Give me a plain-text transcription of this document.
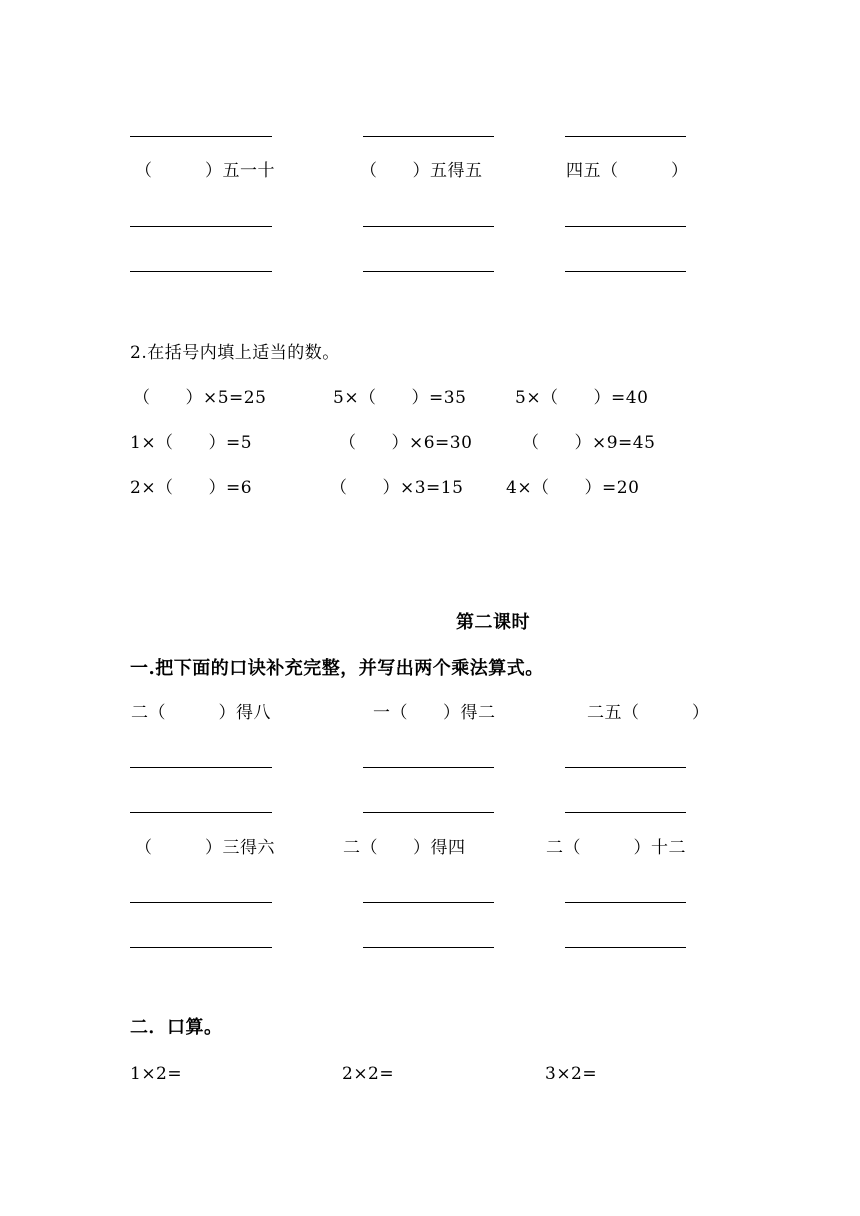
（　　　）五一十	（　　）五得五	四五（　　　）
2.在括号内填上适当的数。
（　　）×5=25	5×（　　）=35	5×（　　）=40
1×（　　）=5	（　　）×6=30	（　　）×9=45
2×（　　）=6	（　　）×3=15	4×（　　）=20
第二课时
一.把下面的口诀补充完整，并写出两个乘法算式。
二（　　　）得八	一（　　）得二	二五（　　　）
（　　　）三得六	二（　　）得四	二（　　　）十二
二．口算。
1×2=	2×2=	3×2=
